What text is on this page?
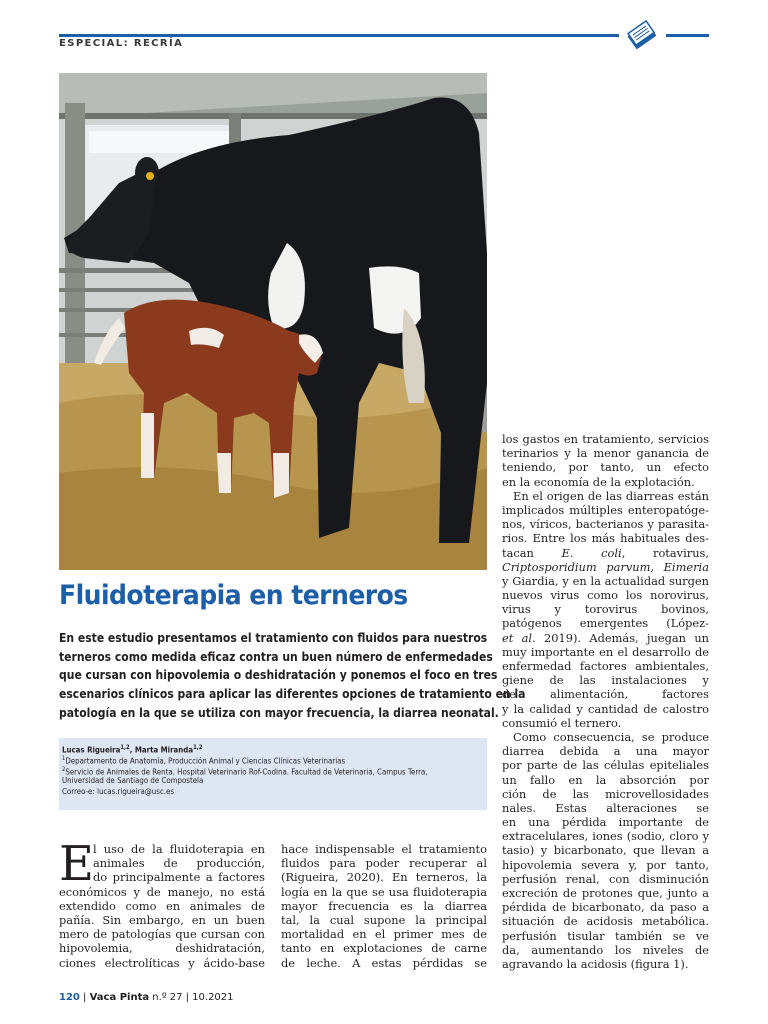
ESPECIAL: RECRÍA
Fluidoterapia en terneros
En este estudio presentamos el tratamiento con fluidos para nuestros
terneros como medida eficaz contra un buen número de enfermedades
que cursan con hipovolemia o deshidratación y ponemos el foco en tres
escenarios clínicos para aplicar las diferentes opciones de tratamiento en la
patología en la que se utiliza con mayor frecuencia, la diarrea neonatal.
Lucas Rigueira$^{1,2}$, Marta Miranda$^{1,2}$
$^1$Departamento de Anatomía, Producción Animal y Ciencias Clínicas Veterinarias
$^2$Servicio de Animales de Renta. Hospital Veterinario Rof-Codina. Facultad de Veterinaria, Campus Terra,
Universidad de Santiago de Compostela
Correo-e: lucas.rigueira@usc.es
E
l uso de la fluidoterapia en
animales de producción,
do principalmente a factores
económicos y de manejo, no está
extendido como en animales de
pañía. Sin embargo, en un buen
mero de patologías que cursan con
hipovolemia, deshidratación,
ciones electrolíticas y ácido-base
hace indispensable el tratamiento
fluidos para poder recuperar al
(Rigueira, 2020). En terneros, la
logía en la que se usa fluidoterapia
mayor frecuencia es la diarrea
tal, la cual supone la principal
mortalidad en el primer mes de
tanto en explotaciones de carne
de leche. A estas pérdidas se
los gastos en tratamiento, servicios
terinarios y la menor ganancia de
teniendo, por tanto, un efecto
en la economía de la explotación.
En el origen de las diarreas están
implicados múltiples enteropatóge-
nos, víricos, bacterianos y parasita-
rios. Entre los más habituales des-
tacan E. coli, rotavirus,
Criptosporidium parvum, Eimeria
y Giardia, y en la actualidad surgen
nuevos virus como los norovirus,
virus y torovirus bovinos,
patógenos emergentes (López-
et al. 2019). Además, juegan un
muy importante en el desarrollo de
enfermedad factores ambientales,
giene de las instalaciones y
de alimentación, factores
y la calidad y cantidad de calostro
consumió el ternero.
Como consecuencia, se produce
diarrea debida a una mayor
por parte de las células epiteliales
un fallo en la absorción por
ción de las microvellosidades
nales. Estas alteraciones se
en una pérdida importante de
extracelulares, iones (sodio, cloro y
tasio) y bicarbonato, que llevan a
hipovolemia severa y, por tanto,
perfusión renal, con disminución
excreción de protones que, junto a
pérdida de bicarbonato, da paso a
situación de acidosis metabólica.
perfusión tisular también se ve
da, aumentando los niveles de
agravando la acidosis (figura 1).
120 | Vaca Pinta n.º 27 | 10.2021
